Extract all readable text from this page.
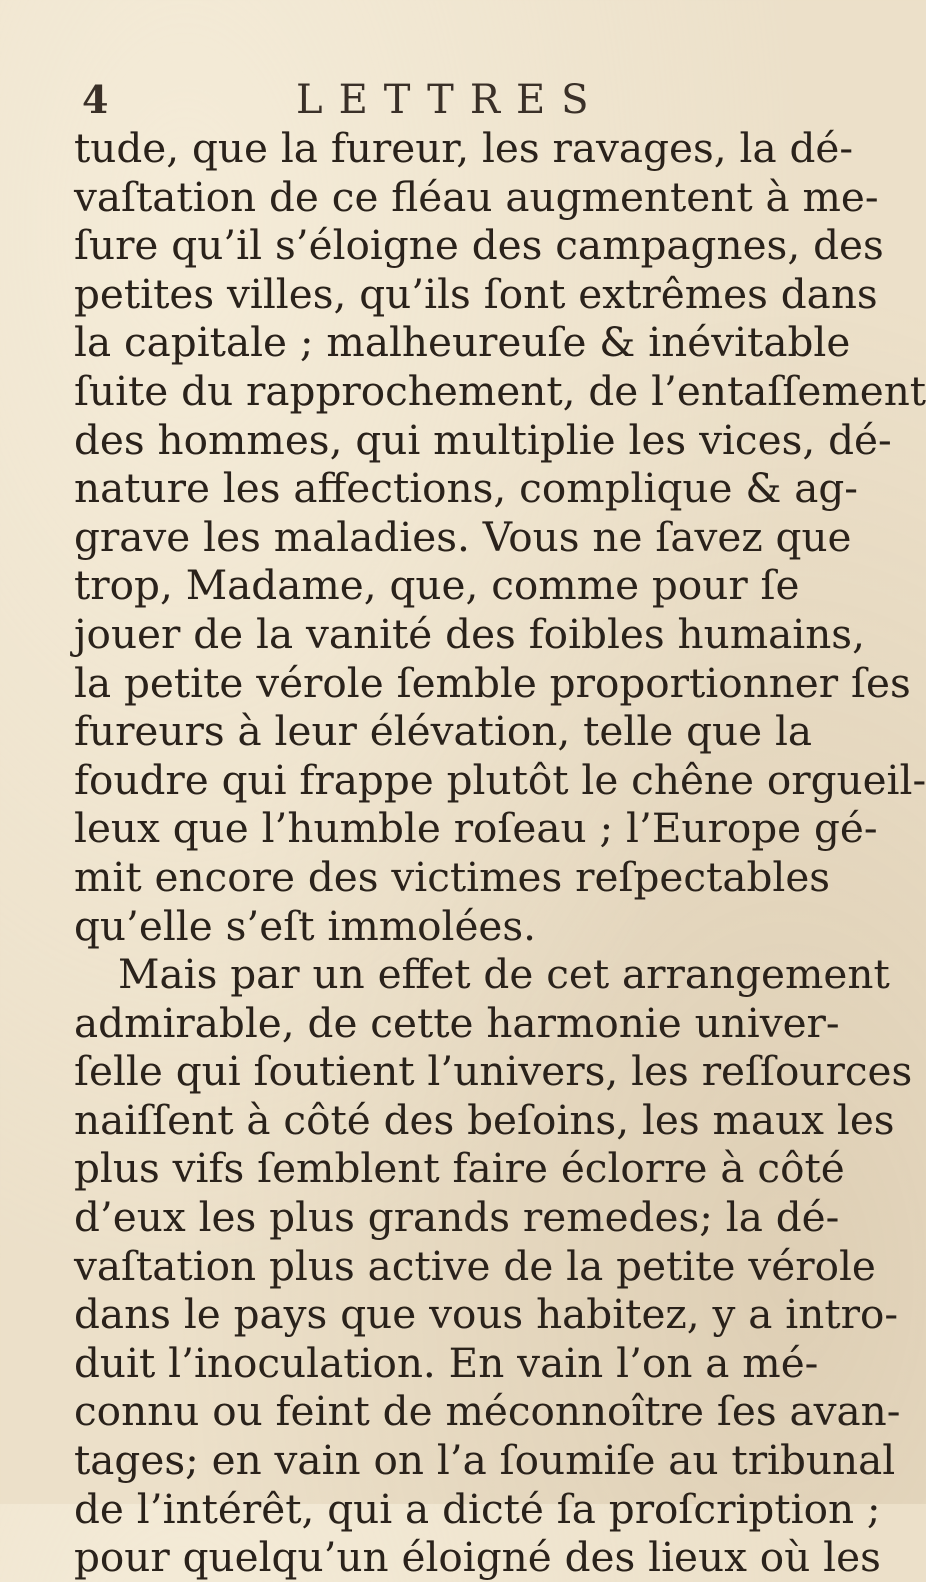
4	LETTRES
tude, que la fureur, les ravages, la dé-
vaſtation de ce fléau augmentent à me-
ſure qu’il s’éloigne des campagnes, des
petites villes, qu’ils ſont extrêmes dans
la capitale ; malheureuſe & inévitable
ſuite du rapprochement, de l’entaſſement
des hommes, qui multiplie les vices, dé-
nature les affections, complique & ag-
grave les maladies. Vous ne ſavez que
trop, Madame, que, comme pour ſe
jouer de la vanité des foibles humains,
la petite vérole ſemble proportionner ſes
fureurs à leur élévation, telle que la
foudre qui frappe plutôt le chêne orgueil-
leux que l’humble roſeau ; l’Europe gé-
mit encore des victimes reſpectables
qu’elle s’eſt immolées.
Mais par un effet de cet arrangement
admirable, de cette harmonie univer-
ſelle qui ſoutient l’univers, les reſſources
naiſſent à côté des beſoins, les maux les
plus vifs ſemblent faire éclorre à côté
d’eux les plus grands remedes; la dé-
vaſtation plus active de la petite vérole
dans le pays que vous habitez, y a intro-
duit l’inoculation. En vain l’on a mé-
connu ou feint de méconnoître ſes avan-
tages; en vain on l’a ſoumiſe au tribunal
de l’intérêt, qui a dicté ſa proſcription ;
pour quelqu’un éloigné des lieux où les
